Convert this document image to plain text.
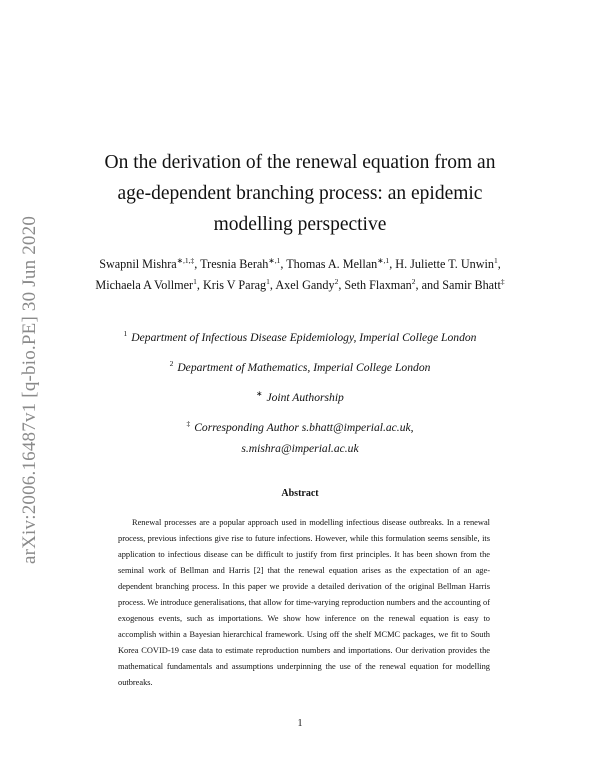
arXiv:2006.16487v1 [q-bio.PE] 30 Jun 2020
On the derivation of the renewal equation from an age-dependent branching process: an epidemic modelling perspective
Swapnil Mishra$^{∗,1,\ddagger}$, Tresnia Berah$^{∗,1}$, Thomas A. Mellan$^{∗,1}$, H. Juliette T. Unwin$^1$, Michaela A Vollmer$^1$, Kris V Parag$^1$, Axel Gandy$^2$, Seth Flaxman$^2$, and Samir Bhatt‡
$^1$ Department of Infectious Disease Epidemiology, Imperial College London
$^2$ Department of Mathematics, Imperial College London
∗ Joint Authorship
‡ Corresponding Author s.bhatt@imperial.ac.uk,
s.mishra@imperial.ac.uk
Abstract
Renewal processes are a popular approach used in modelling infectious disease outbreaks. In a renewal process, previous infections give rise to future infections. However, while this formulation seems sensible, its application to infectious disease can be difficult to justify from first principles. It has been shown from the seminal work of Bellman and Harris [2] that the renewal equation arises as the expectation of an age-dependent branching process. In this paper we provide a detailed derivation of the original Bellman Harris process. We introduce generalisations, that allow for time-varying reproduction numbers and the accounting of exogenous events, such as importations. We show how inference on the renewal equation is easy to accomplish within a Bayesian hierarchical framework. Using off the shelf MCMC packages, we fit to South Korea COVID-19 case data to estimate reproduction numbers and importations. Our derivation provides the mathematical fundamentals and assumptions underpinning the use of the renewal equation for modelling outbreaks.
1
